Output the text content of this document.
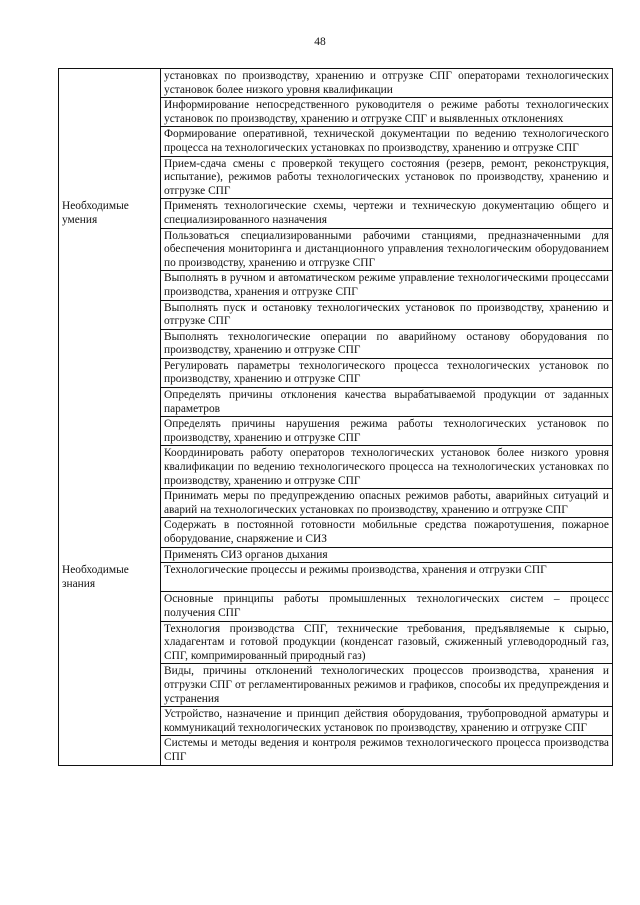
48
	установках по производству, хранению и отгрузке СПГ операторами технологических установок более низкого уровня квалификации
	Информирование непосредственного руководителя о режиме работы технологических установок по производству, хранению и отгрузке СПГ и выявленных отклонениях
	Формирование оперативной, технической документации по ведению технологического процесса на технологических установках по производству, хранению и отгрузке СПГ
	Прием-сдача смены с проверкой текущего состояния (резерв, ремонт, реконструкция, испытание), режимов работы технологических установок по производству, хранению и отгрузке СПГ
Необходимые умения	Применять технологические схемы, чертежи и техническую документацию общего и специализированного назначения
	Пользоваться специализированными рабочими станциями, предназначенными для обеспечения мониторинга и дистанционного управления технологическим оборудованием по производству, хранению и отгрузке СПГ
	Выполнять в ручном и автоматическом режиме управление технологическими процессами производства, хранения и отгрузке СПГ
	Выполнять пуск и остановку технологических установок по производству, хранению и отгрузке СПГ
	Выполнять технологические операции по аварийному останову оборудования по производству, хранению и отгрузке СПГ
	Регулировать параметры технологического процесса технологических установок по производству, хранению и отгрузке СПГ
	Определять причины отклонения качества вырабатываемой продукции от заданных параметров
	Определять причины нарушения режима работы технологических установок по производству, хранению и отгрузке СПГ
	Координировать работу операторов технологических установок более низкого уровня квалификации по ведению технологического процесса на технологических установках по производству, хранению и отгрузке СПГ
	Принимать меры по предупреждению опасных режимов работы, аварийных ситуаций и аварий на технологических установках по производству, хранению и отгрузке СПГ
	Содержать в постоянной готовности мобильные средства пожаротушения, пожарное оборудование, снаряжение и СИЗ
	Применять СИЗ органов дыхания
Необходимые знания	Технологические процессы и режимы производства, хранения и отгрузки СПГ
	Основные принципы работы промышленных технологических систем – процесс получения СПГ
	Технология производства СПГ, технические требования, предъявляемые к сырью, хладагентам и готовой продукции (конденсат газовый, сжиженный углеводородный газ, СПГ, компримированный природный газ)
	Виды, причины отклонений технологических процессов производства, хранения и отгрузки СПГ от регламентированных режимов и графиков, способы их предупреждения и устранения
	Устройство, назначение и принцип действия оборудования, трубопроводной арматуры и коммуникаций технологических установок по производству, хранению и отгрузке СПГ
	Системы и методы ведения и контроля режимов технологического процесса производства СПГ
